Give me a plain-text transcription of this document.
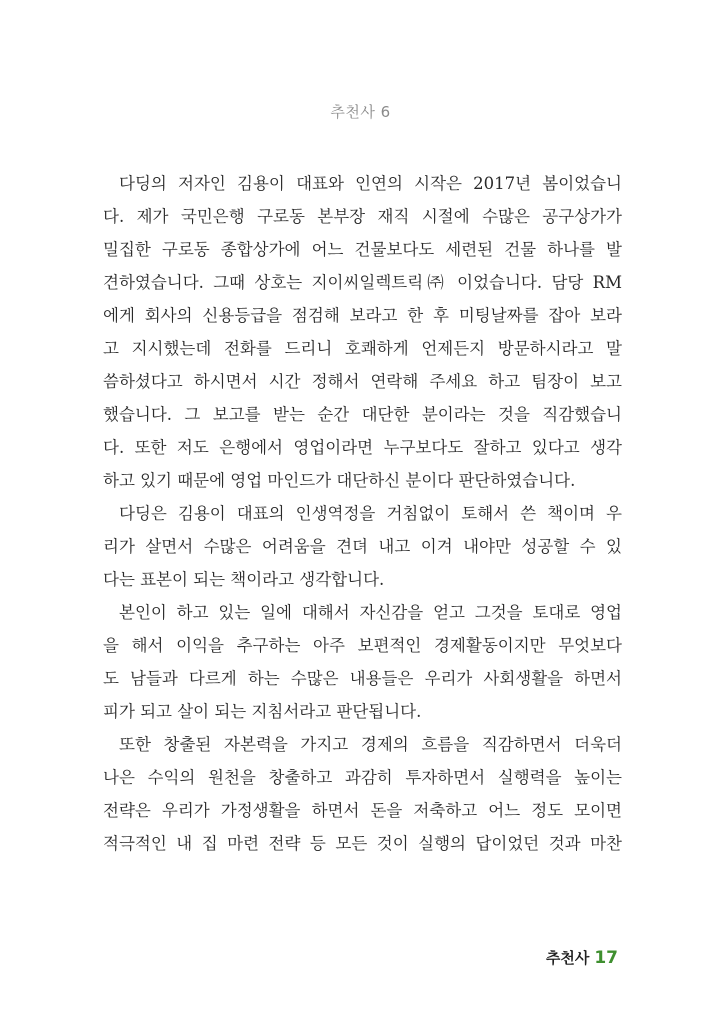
추천사 6
다딩의 저자인 김용이 대표와 인연의 시작은 2017년 봄이었습니
다. 제가 국민은행 구로동 본부장 재직 시절에 수많은 공구상가가
밀집한 구로동 종합상가에 어느 건물보다도 세련된 건물 하나를 발
견하였습니다. 그때 상호는 지이씨일렉트릭㈜ 이었습니다. 담당 RM
에게 회사의 신용등급을 점검해 보라고 한 후 미팅날짜를 잡아 보라
고 지시했는데 전화를 드리니 호쾌하게 언제든지 방문하시라고 말
씀하셨다고 하시면서 시간 정해서 연락해 주세요 하고 팀장이 보고
했습니다. 그 보고를 받는 순간 대단한 분이라는 것을 직감했습니
다. 또한 저도 은행에서 영업이라면 누구보다도 잘하고 있다고 생각
하고 있기 때문에 영업 마인드가 대단하신 분이다 판단하였습니다.
다딩은 김용이 대표의 인생역정을 거침없이 토해서 쓴 책이며 우
리가 살면서 수많은 어려움을 견뎌 내고 이겨 내야만 성공할 수 있
다는 표본이 되는 책이라고 생각합니다.
본인이 하고 있는 일에 대해서 자신감을 얻고 그것을 토대로 영업
을 해서 이익을 추구하는 아주 보편적인 경제활동이지만 무엇보다
도 남들과 다르게 하는 수많은 내용들은 우리가 사회생활을 하면서
피가 되고 살이 되는 지침서라고 판단됩니다.
또한 창출된 자본력을 가지고 경제의 흐름을 직감하면서 더욱더
나은 수익의 원천을 창출하고 과감히 투자하면서 실행력을 높이는
전략은 우리가 가정생활을 하면서 돈을 저축하고 어느 정도 모이면
적극적인 내 집 마련 전략 등 모든 것이 실행의 답이었던 것과 마찬
추천사 17
